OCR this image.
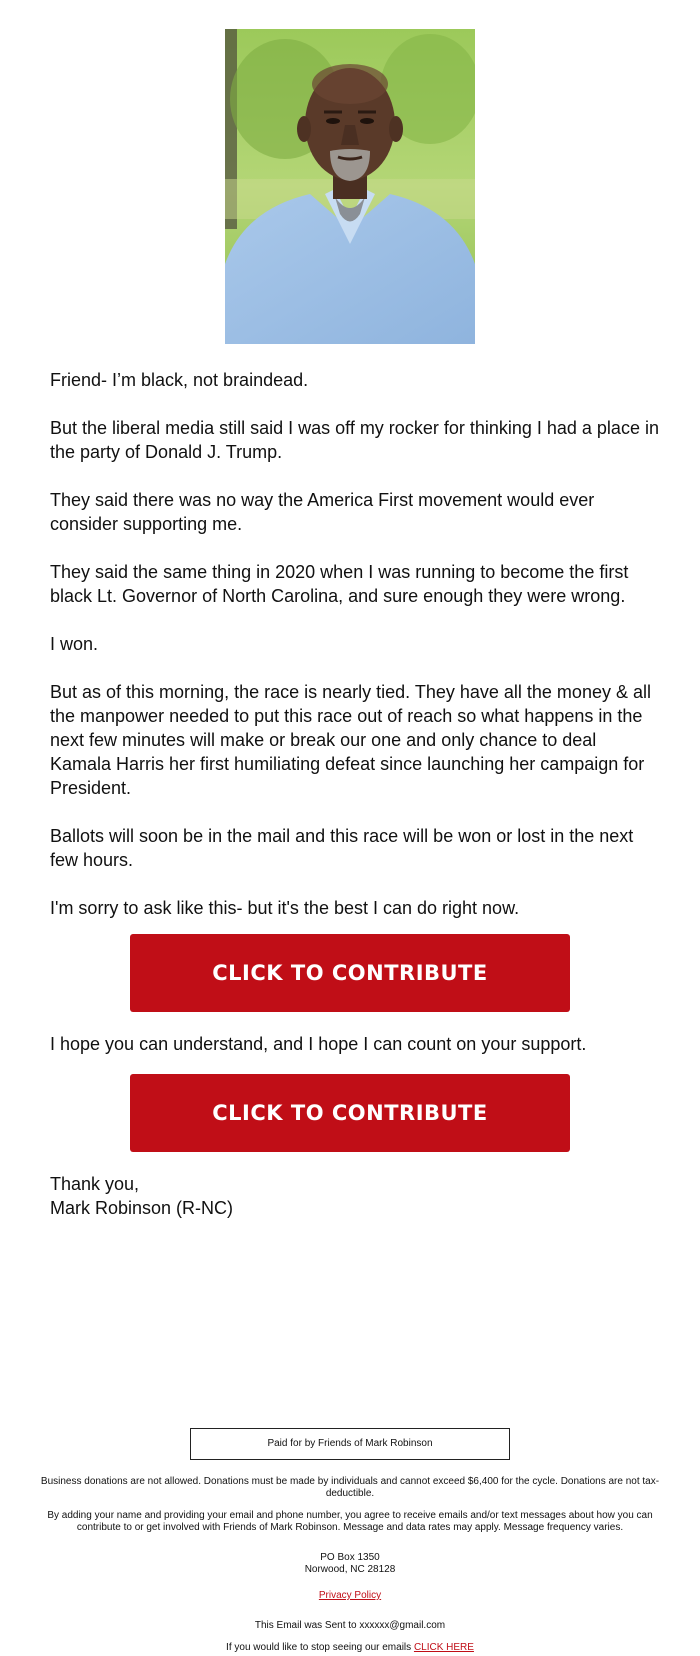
Friend- I’m black, not braindead.

But the liberal media still said I was off my rocker for thinking I had a place in the party of Donald J. Trump.

They said there was no way the America First movement would ever consider supporting me.

They said the same thing in 2020 when I was running to become the first black Lt. Governor of North Carolina, and sure enough they were wrong.

I won.

But as of this morning, the race is nearly tied. They have all the money & all the manpower needed to put this race out of reach so what happens in the next few minutes will make or break our one and only chance to deal Kamala Harris her first humiliating defeat since launching her campaign for President.

Ballots will soon be in the mail and this race will be won or lost in the next few hours.

I'm sorry to ask like this- but it's the best I can do right now.

CLICK TO CONTRIBUTE

I hope you can understand, and I hope I can count on your support.

CLICK TO CONTRIBUTE

Thank you,

Mark Robinson (R-NC)

Paid for by Friends of Mark Robinson

Business donations are not allowed. Donations must be made by individuals and cannot exceed $6,400 for the cycle. Donations are not tax-deductible.

By adding your name and providing your email and phone number, you agree to receive emails and/or text messages about how you can contribute to or get involved with Friends of Mark Robinson. Message and data rates may apply. Message frequency varies.

PO Box 1350

Norwood, NC 28128

Privacy Policy

This Email was Sent to xxxxxx@gmail.com

If you would like to stop seeing our emails CLICK HERE
